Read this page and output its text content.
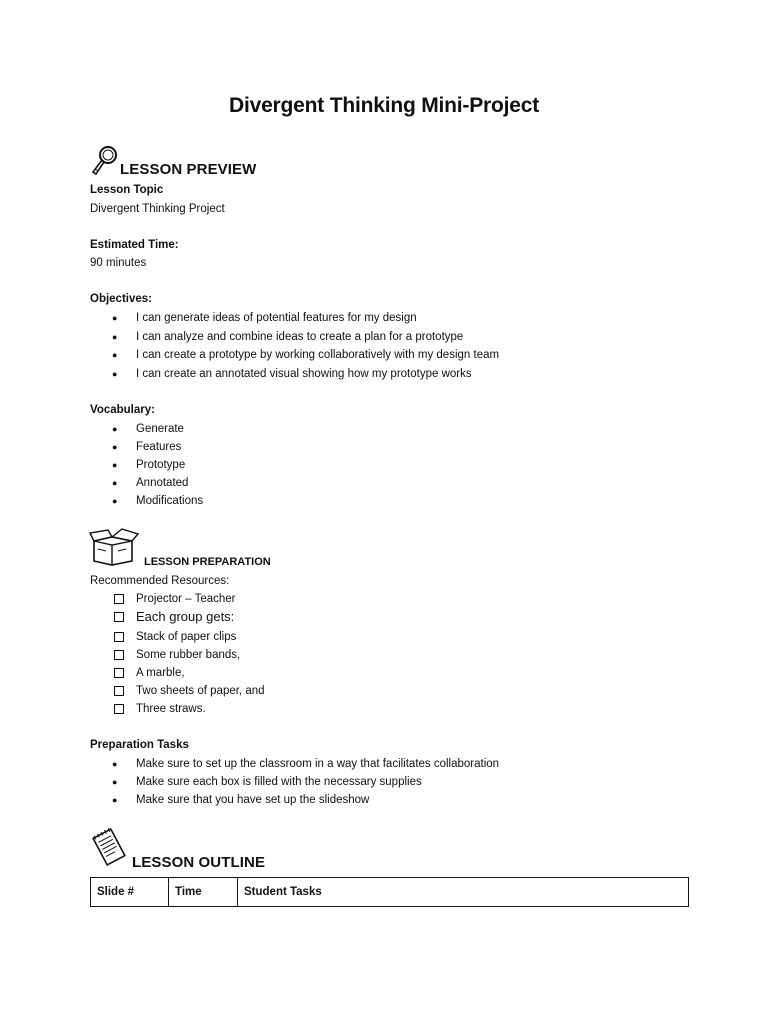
Divergent Thinking Mini-Project
LESSON PREVIEW
Lesson Topic
Divergent Thinking Project
Estimated Time:
90 minutes
Objectives:
● I can generate ideas of potential features for my design
● I can analyze and combine ideas to create a plan for a prototype
● I can create a prototype by working collaboratively with my design team
● I can create an annotated visual showing how my prototype works
Vocabulary:
● Generate
● Features
● Prototype
● Annotated
● Modifications
LESSON PREPARATION
Recommended Resources:
Projector – Teacher
Each group gets:
Stack of paper clips
Some rubber bands,
A marble,
Two sheets of paper, and
Three straws.
Preparation Tasks
● Make sure to set up the classroom in a way that facilitates collaboration
● Make sure each box is filled with the necessary supplies
● Make sure that you have set up the slideshow
LESSON OUTLINE
Slide #	Time	Student Tasks
